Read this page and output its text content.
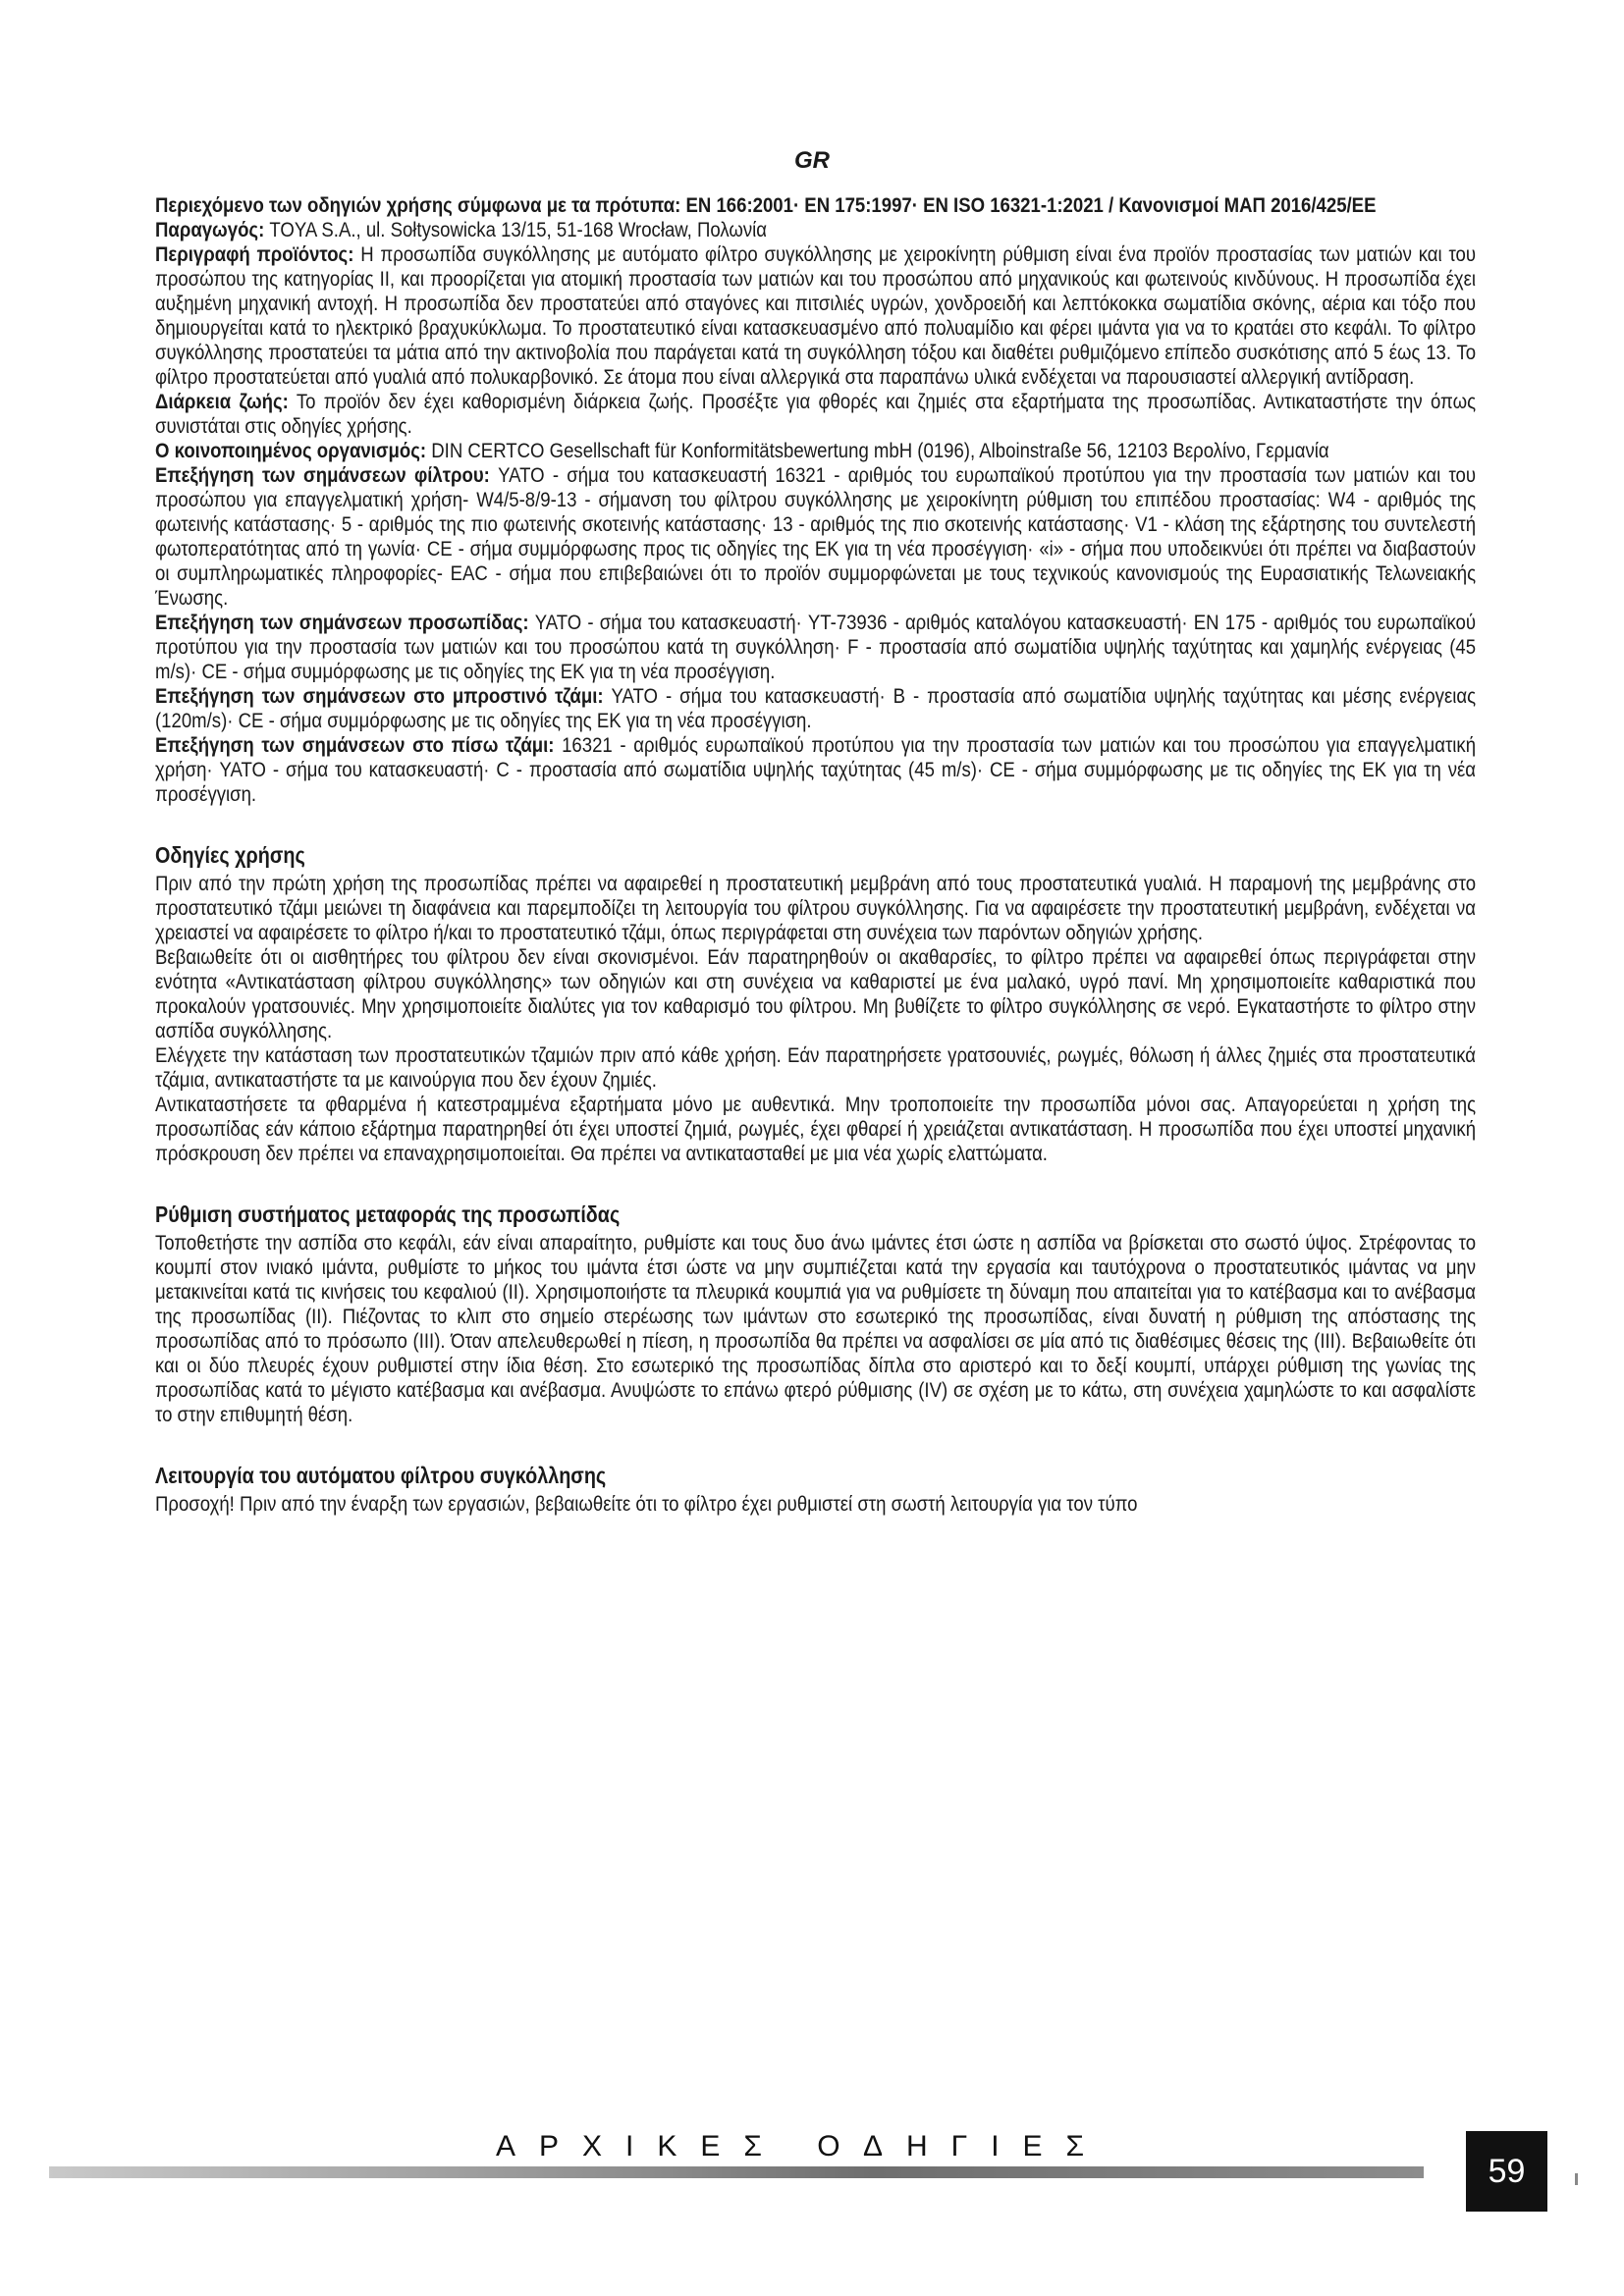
GR

Περιεχόμενο των οδηγιών χρήσης σύμφωνα με τα πρότυπα: EN 166:2001· EN 175:1997· EN ISO 16321-1:2021 / Κανονισμοί ΜΑΠ 2016/425/EE

Παραγωγός: TOYA S.A., ul. Sołtysowicka 13/15, 51-168 Wrocław, Πολωνία

Περιγραφή προϊόντος: Η προσωπίδα συγκόλλησης με αυτόματο φίλτρο συγκόλλησης με χειροκίνητη ρύθμιση είναι ένα προϊόν προστασίας των ματιών και του προσώπου της κατηγορίας II, και προορίζεται για ατομική προστασία των ματιών και του προσώπου από μηχανικούς και φωτεινούς κινδύνους. Η προσωπίδα έχει αυξημένη μηχανική αντοχή. Η προσωπίδα δεν προστατεύει από σταγόνες και πιτσιλιές υγρών, χονδροειδή και λεπτόκοκκα σωματίδια σκόνης, αέρια και τόξο που δημιουργείται κατά το ηλεκτρικό βραχυκύκλωμα. Το προστατευτικό είναι κατασκευασμένο από πολυαμίδιο και φέρει ιμάντα για να το κρατάει στο κεφάλι. Το φίλτρο συγκόλλησης προστατεύει τα μάτια από την ακτινοβολία που παράγεται κατά τη συγκόλληση τόξου και διαθέτει ρυθμιζόμενο επίπεδο συσκότισης από 5 έως 13. Το φίλτρο προστατεύεται από γυαλιά από πολυκαρβονικό. Σε άτομα που είναι αλλεργικά στα παραπάνω υλικά ενδέχεται να παρουσιαστεί αλλεργική αντίδραση.

Διάρκεια ζωής: Το προϊόν δεν έχει καθορισμένη διάρκεια ζωής. Προσέξτε για φθορές και ζημιές στα εξαρτήματα της προσωπίδας. Αντικαταστήστε την όπως συνιστάται στις οδηγίες χρήσης.

Ο κοινοποιημένος οργανισμός: DIN CERTCO Gesellschaft für Konformitätsbewertung mbH (0196), Alboinstraße 56, 12103 Βερολίνο, Γερμανία

Επεξήγηση των σημάνσεων φίλτρου: YATO - σήμα του κατασκευαστή 16321 - αριθμός του ευρωπαϊκού προτύπου για την προστασία των ματιών και του προσώπου για επαγγελματική χρήση- W4/5-8/9-13 - σήμανση του φίλτρου συγκόλλησης με χειροκίνητη ρύθμιση του επιπέδου προστασίας: W4 - αριθμός της φωτεινής κατάστασης· 5 - αριθμός της πιο φωτεινής σκοτεινής κατάστασης· 13 - αριθμός της πιο σκοτεινής κατάστασης· V1 - κλάση της εξάρτησης του συντελεστή φωτοπερατότητας από τη γωνία· CE - σήμα συμμόρφωσης προς τις οδηγίες της ΕΚ για τη νέα προσέγγιση· «i» - σήμα που υποδεικνύει ότι πρέπει να διαβαστούν οι συμπληρωματικές πληροφορίες- EAC - σήμα που επιβεβαιώνει ότι το προϊόν συμμορφώνεται με τους τεχνικούς κανονισμούς της Ευρασιατικής Τελωνειακής Ένωσης.

Επεξήγηση των σημάνσεων προσωπίδας: YATO - σήμα του κατασκευαστή· YT-73936 - αριθμός καταλόγου κατασκευαστή· EN 175 - αριθμός του ευρωπαϊκού προτύπου για την προστασία των ματιών και του προσώπου κατά τη συγκόλληση· F - προστασία από σωματίδια υψηλής ταχύτητας και χαμηλής ενέργειας (45 m/s)· CE - σήμα συμμόρφωσης με τις οδηγίες της ΕΚ για τη νέα προσέγγιση.

Επεξήγηση των σημάνσεων στο μπροστινό τζάμι: YATO - σήμα του κατασκευαστή· B - προστασία από σωματίδια υψηλής ταχύτητας και μέσης ενέργειας (120m/s)· CE - σήμα συμμόρφωσης με τις οδηγίες της ΕΚ για τη νέα προσέγγιση.

Επεξήγηση των σημάνσεων στο πίσω τζάμι: 16321 - αριθμός ευρωπαϊκού προτύπου για την προστασία των ματιών και του προσώπου για επαγγελματική χρήση· YATO - σήμα του κατασκευαστή· C - προστασία από σωματίδια υψηλής ταχύτητας (45 m/s)· CE - σήμα συμμόρφωσης με τις οδηγίες της ΕΚ για τη νέα προσέγγιση.

Οδηγίες χρήσης

Πριν από την πρώτη χρήση της προσωπίδας πρέπει να αφαιρεθεί η προστατευτική μεμβράνη από τους προστατευτικά γυαλιά. Η παραμονή της μεμβράνης στο προστατευτικό τζάμι μειώνει τη διαφάνεια και παρεμποδίζει τη λειτουργία του φίλτρου συγκόλλησης. Για να αφαιρέσετε την προστατευτική μεμβράνη, ενδέχεται να χρειαστεί να αφαιρέσετε το φίλτρο ή/και το προστατευτικό τζάμι, όπως περιγράφεται στη συνέχεια των παρόντων οδηγιών χρήσης.

Βεβαιωθείτε ότι οι αισθητήρες του φίλτρου δεν είναι σκονισμένοι. Εάν παρατηρηθούν οι ακαθαρσίες, το φίλτρο πρέπει να αφαιρεθεί όπως περιγράφεται στην ενότητα «Αντικατάσταση φίλτρου συγκόλλησης» των οδηγιών και στη συνέχεια να καθαριστεί με ένα μαλακό, υγρό πανί. Μη χρησιμοποιείτε καθαριστικά που προκαλούν γρατσουνιές. Μην χρησιμοποιείτε διαλύτες για τον καθαρισμό του φίλτρου. Μη βυθίζετε το φίλτρο συγκόλλησης σε νερό. Εγκαταστήστε το φίλτρο στην ασπίδα συγκόλλησης.

Ελέγχετε την κατάσταση των προστατευτικών τζαμιών πριν από κάθε χρήση. Εάν παρατηρήσετε γρατσουνιές, ρωγμές, θόλωση ή άλλες ζημιές στα προστατευτικά τζάμια, αντικαταστήστε τα με καινούργια που δεν έχουν ζημιές.

Αντικαταστήσετε τα φθαρμένα ή κατεστραμμένα εξαρτήματα μόνο με αυθεντικά. Μην τροποποιείτε την προσωπίδα μόνοι σας. Απαγορεύεται η χρήση της προσωπίδας εάν κάποιο εξάρτημα παρατηρηθεί ότι έχει υποστεί ζημιά, ρωγμές, έχει φθαρεί ή χρειάζεται αντικατάσταση. Η προσωπίδα που έχει υποστεί μηχανική πρόσκρουση δεν πρέπει να επαναχρησιμοποιείται. Θα πρέπει να αντικατασταθεί με μια νέα χωρίς ελαττώματα.

Ρύθμιση συστήματος μεταφοράς της προσωπίδας

Τοποθετήστε την ασπίδα στο κεφάλι, εάν είναι απαραίτητο, ρυθμίστε και τους δυο άνω ιμάντες έτσι ώστε η ασπίδα να βρίσκεται στο σωστό ύψος. Στρέφοντας το κουμπί στον ινιακό ιμάντα, ρυθμίστε το μήκος του ιμάντα έτσι ώστε να μην συμπιέζεται κατά την εργασία και ταυτόχρονα ο προστατευτικός ιμάντας να μην μετακινείται κατά τις κινήσεις του κεφαλιού (II). Χρησιμοποιήστε τα πλευρικά κουμπιά για να ρυθμίσετε τη δύναμη που απαιτείται για το κατέβασμα και το ανέβασμα της προσωπίδας (II). Πιέζοντας το κλιπ στο σημείο στερέωσης των ιμάντων στο εσωτερικό της προσωπίδας, είναι δυνατή η ρύθμιση της απόστασης της προσωπίδας από το πρόσωπο (III). Όταν απελευθερωθεί η πίεση, η προσωπίδα θα πρέπει να ασφαλίσει σε μία από τις διαθέσιμες θέσεις της (III). Βεβαιωθείτε ότι και οι δύο πλευρές έχουν ρυθμιστεί στην ίδια θέση. Στο εσωτερικό της προσωπίδας δίπλα στο αριστερό και το δεξί κουμπί, υπάρχει ρύθμιση της γωνίας της προσωπίδας κατά το μέγιστο κατέβασμα και ανέβασμα. Ανυψώστε το επάνω φτερό ρύθμισης (IV) σε σχέση με το κάτω, στη συνέχεια χαμηλώστε το και ασφαλίστε το στην επιθυμητή θέση.

Λειτουργία του αυτόματου φίλτρου συγκόλλησης

Προσοχή! Πριν από την έναρξη των εργασιών, βεβαιωθείτε ότι το φίλτρο έχει ρυθμιστεί στη σωστή λειτουργία για τον τύπο

ΑΡΧΙΚΕΣ ΟΔΗΓΙΕΣ
59
